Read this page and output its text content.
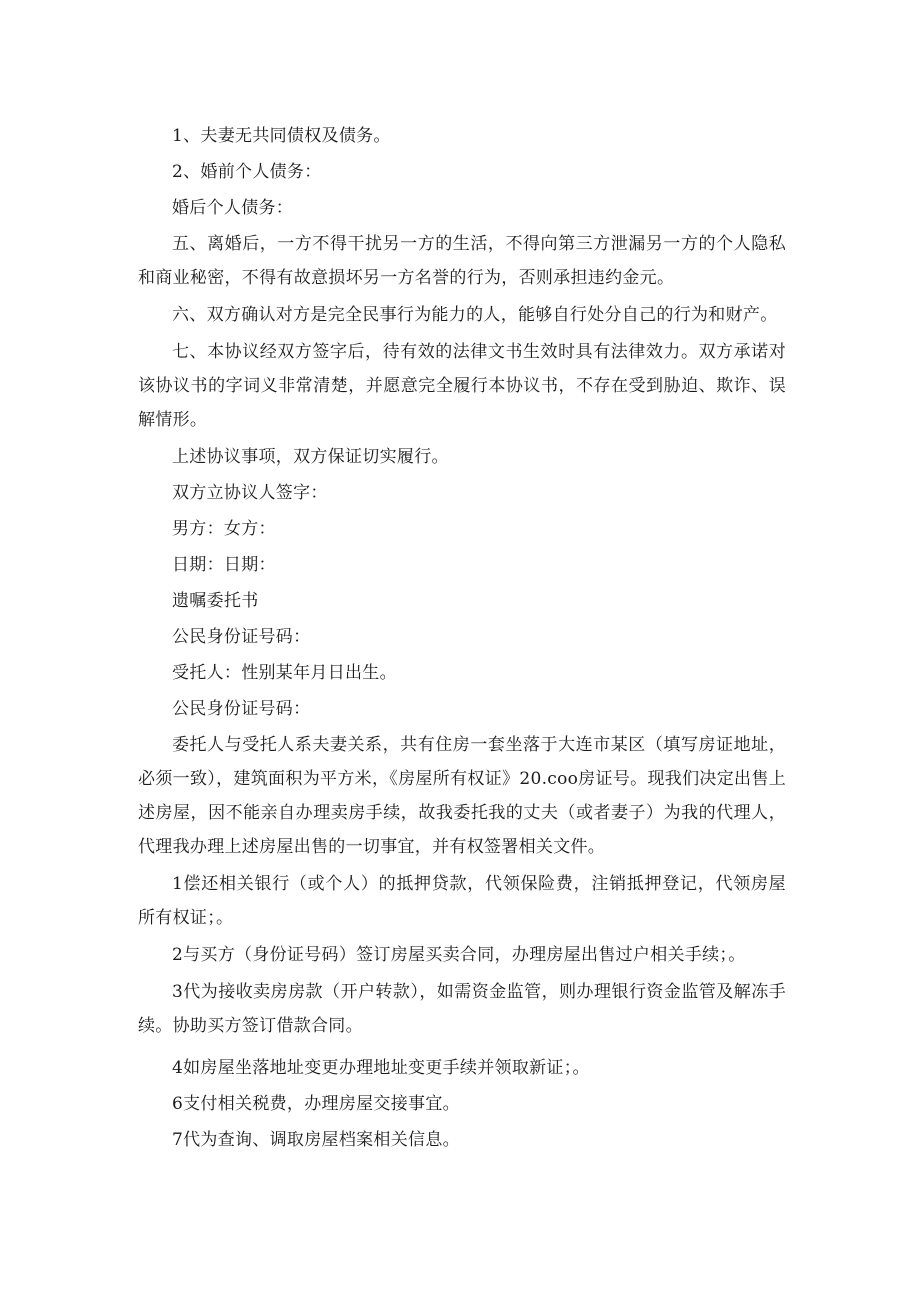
1、夫妻无共同债权及债务。

2、婚前个人债务：

婚后个人债务：

五、离婚后，一方不得干扰另一方的生活，不得向第三方泄漏另一方的个人隐私和商业秘密，不得有故意损坏另一方名誉的行为，否则承担违约金元。

六、双方确认对方是完全民事行为能力的人，能够自行处分自己的行为和财产。

七、本协议经双方签字后，待有效的法律文书生效时具有法律效力。双方承诺对该协议书的字词义非常清楚，并愿意完全履行本协议书，不存在受到胁迫、欺诈、误解情形。

上述协议事项，双方保证切实履行。

双方立协议人签字：

男方：女方：

日期：日期：

遗嘱委托书

公民身份证号码：

受托人：性别某年月日出生。

公民身份证号码：

委托人与受托人系夫妻关系，共有住房一套坐落于大连市某区（填写房证地址，必须一致），建筑面积为平方米，《房屋所有权证》20.coo房证号。现我们决定出售上述房屋，因不能亲自办理卖房手续，故我委托我的丈夫（或者妻子）为我的代理人，代理我办理上述房屋出售的一切事宜，并有权签署相关文件。

1偿还相关银行（或个人）的抵押贷款，代领保险费，注销抵押登记，代领房屋所有权证；。

2与买方（身份证号码）签订房屋买卖合同，办理房屋出售过户相关手续；。

3代为接收卖房房款（开户转款），如需资金监管，则办理银行资金监管及解冻手续。协助买方签订借款合同。

4如房屋坐落地址变更办理地址变更手续并领取新证；。

6支付相关税费，办理房屋交接事宜。

7代为查询、调取房屋档案相关信息。
